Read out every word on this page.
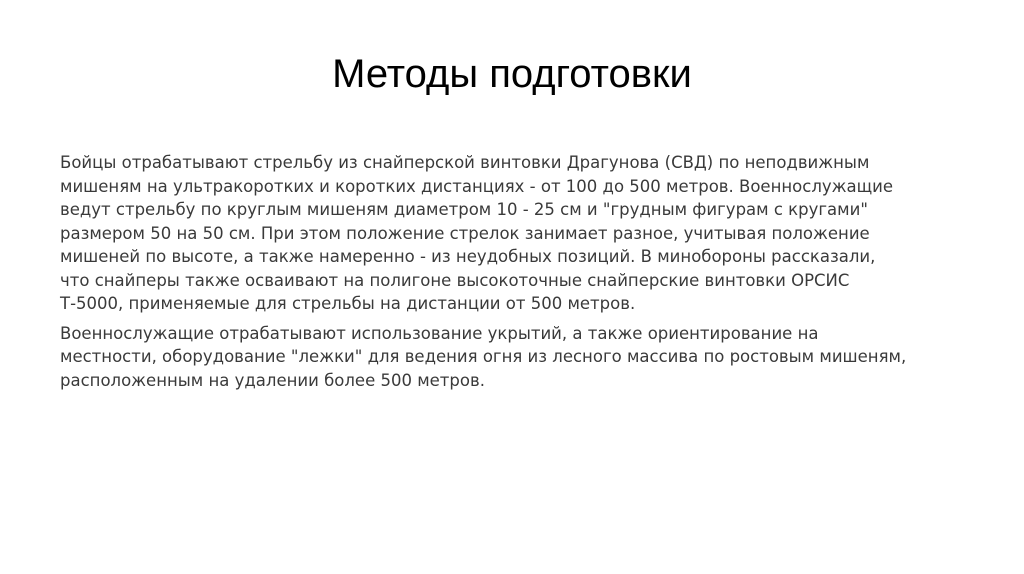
Методы подготовки

Бойцы отрабатывают стрельбу из снайперской винтовки Драгунова (СВД) по неподвижным мишеням на ультракоротких и коротких дистанциях - от 100 до 500 метров. Военнослужащие ведут стрельбу по круглым мишеням диаметром 10 - 25 см и "грудным фигурам с кругами" размером 50 на 50 см. При этом положение стрелок занимает разное, учитывая положение мишеней по высоте, а также намеренно - из неудобных позиций. В минобороны рассказали, что снайперы также осваивают на полигоне высокоточные снайперские винтовки ОРСИС Т-5000, применяемые для стрельбы на дистанции от 500 метров.

Военнослужащие отрабатывают использование укрытий, а также ориентирование на местности, оборудование "лежки" для ведения огня из лесного массива по ростовым мишеням, расположенным на удалении более 500 метров.
